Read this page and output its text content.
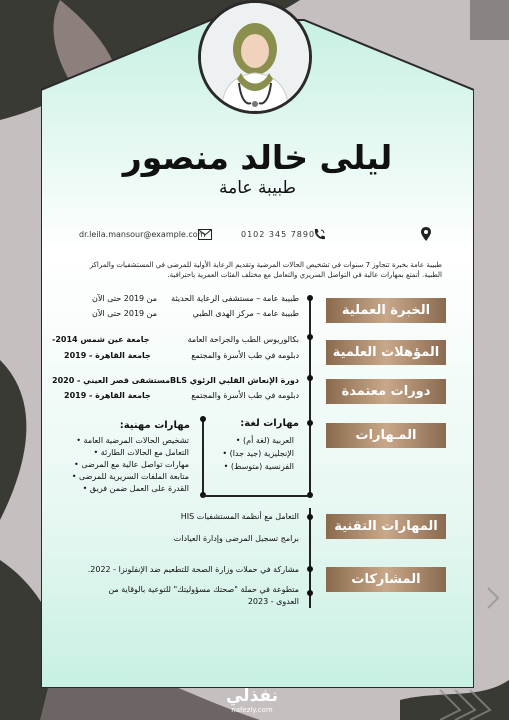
ليلى خالد منصور
طبيبة عامة
dr.leila.mansour@example.com	0102 345 7890
طبيبة عامة بخبرة تتجاوز 7 سنوات في تشخيص الحالات المرضية وتقديم الرعاية الأولية للمرضى في المستشفيات والمراكز الطبية. أتمتع بمهارات عالية في التواصل السريري والتعامل مع مختلف الفئات العمرية باحترافية.
الخبرة العملية
طبيبة عامة – مستشفى الرعاية الحديثة
من 2019 حتى الآن
طبيبة عامة – مركز الهدى الطبي
من 2019 حتى الآن
المؤهلات العلمية
بكالوريوس الطب والجراحة العامة
جامعة عين شمس 2014-
دبلومه في طب الأسرة والمجتمع
جامعة القاهرة - 2019
دورات معتمدة
دورة الإنعاش القلبي الرئوي BLS
مستشفى قصر العيني - 2020
دبلومه في طب الأسرة والمجتمع
جامعة القاهرة - 2019
المـهارات
مهارات لغة:
العربية (لغة أم) •
الإنجليزية (جيد جدا) •
الفرنسية (متوسط) •
مهارات مهنية:
تشخيص الحالات المرضية العامة •
التعامل مع الحالات الطارئة •
مهارات تواصل عالية مع المرضى •
متابعة الملفات السريرية للمرضى •
القدرة على العمل ضمن فريق •
المهارات التقنية
التعامل مع أنظمة المستشفيات HIS
برامج تسجيل المرضى وإدارة العيادات
المشاركات
مشاركة في حملات وزارة الصحة للتطعيم ضد الإنفلونزا - 2022.
متطوعة في حملة "صحتك مسؤوليتك" للتوعية بالوقاية من العدوى - 2023
نفذلي
nafezly.com
